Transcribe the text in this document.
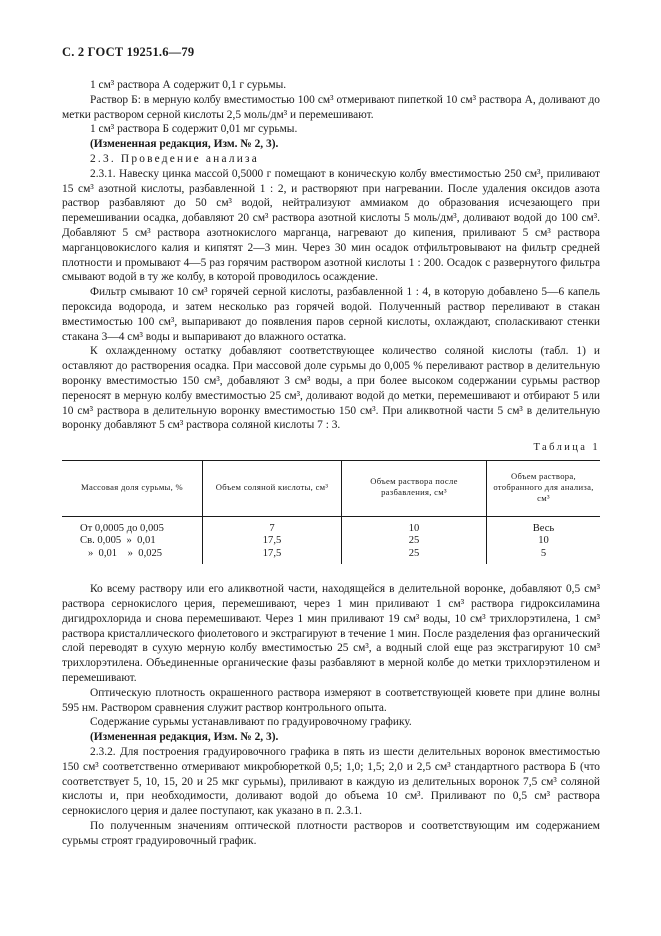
С. 2 ГОСТ 19251.6—79

1 см³ раствора А содержит 0,1 г сурьмы.

Раствор Б: в мерную колбу вместимостью 100 см³ отмеривают пипеткой 10 см³ раствора А, доливают до метки раствором серной кислоты 2,5 моль/дм³ и перемешивают.

1 см³ раствора Б содержит 0,01 мг сурьмы.

(Измененная редакция, Изм. № 2, 3).

2.3. Проведение анализа

2.3.1. Навеску цинка массой 0,5000 г помещают в коническую колбу вместимостью 250 см³, приливают 15 см³ азотной кислоты, разбавленной 1 : 2, и растворяют при нагревании. После удаления оксидов азота раствор разбавляют до 50 см³ водой, нейтрализуют аммиаком до образования исчезающего при перемешивании осадка, добавляют 20 см³ раствора азотной кислоты 5 моль/дм³, доливают водой до 100 см³. Добавляют 5 см³ раствора азотнокислого марганца, нагревают до кипения, приливают 5 см³ раствора марганцовокислого калия и кипятят 2—3 мин. Через 30 мин осадок отфильтровывают на фильтр средней плотности и промывают 4—5 раз горячим раствором азотной кислоты 1 : 200. Осадок с развернутого фильтра смывают водой в ту же колбу, в которой проводилось осаждение.

Фильтр смывают 10 см³ горячей серной кислоты, разбавленной 1 : 4, в которую добавлено 5—6 капель пероксида водорода, и затем несколько раз горячей водой. Полученный раствор переливают в стакан вместимостью 100 см³, выпаривают до появления паров серной кислоты, охлаждают, споласкивают стенки стакана 3—4 см³ воды и выпаривают до влажного остатка.

К охлажденному остатку добавляют соответствующее количество соляной кислоты (табл. 1) и оставляют до растворения осадка. При массовой доле сурьмы до 0,005 % переливают раствор в делительную воронку вместимостью 150 см³, добавляют 3 см³ воды, а при более высоком содержании сурьмы раствор переносят в мерную колбу вместимостью 25 см³, доливают водой до метки, перемешивают и отбирают 5 или 10 см³ раствора в делительную воронку вместимостью 150 см³. При аликвотной части 5 см³ в делительную воронку добавляют 5 см³ раствора соляной кислоты 7 : 3.

Таблица 1
Массовая доля сурьмы, %	Объем соляной кислоты, см³	Объем раствора после разбавления, см³	Объем раствора, отобранного для анализа, см³
От 0,0005 до 0,005	7	10	Весь
Св. 0,005  »  0,01	17,5	25	10
»  0,01    »  0,025	17,5	25	5

Ко всему раствору или его аликвотной части, находящейся в делительной воронке, добавляют 0,5 см³ раствора сернокислого церия, перемешивают, через 1 мин приливают 1 см³ раствора гидроксиламина дигидрохлорида и снова перемешивают. Через 1 мин приливают 19 см³ воды, 10 см³ трихлорэтилена, 1 см³ раствора кристаллического фиолетового и экстрагируют в течение 1 мин. После разделения фаз органический слой переводят в сухую мерную колбу вместимостью 25 см³, а водный слой еще раз экстрагируют 10 см³ трихлорэтилена. Объединенные органические фазы разбавляют в мерной колбе до метки трихлорэтиленом и перемешивают.

Оптическую плотность окрашенного раствора измеряют в соответствующей кювете при длине волны 595 нм. Раствором сравнения служит раствор контрольного опыта.

Содержание сурьмы устанавливают по градуировочному графику.

(Измененная редакция, Изм. № 2, 3).

2.3.2. Для построения градуировочного графика в пять из шести делительных воронок вместимостью 150 см³ соответственно отмеривают микробюреткой 0,5; 1,0; 1,5; 2,0 и 2,5 см³ стандартного раствора Б (что соответствует 5, 10, 15, 20 и 25 мкг сурьмы), приливают в каждую из делительных воронок 7,5 см³ соляной кислоты и, при необходимости, доливают водой до объема 10 см³. Приливают по 0,5 см³ раствора сернокислого церия и далее поступают, как указано в п. 2.3.1.

По полученным значениям оптической плотности растворов и соответствующим им содержанием сурьмы строят градуировочный график.
